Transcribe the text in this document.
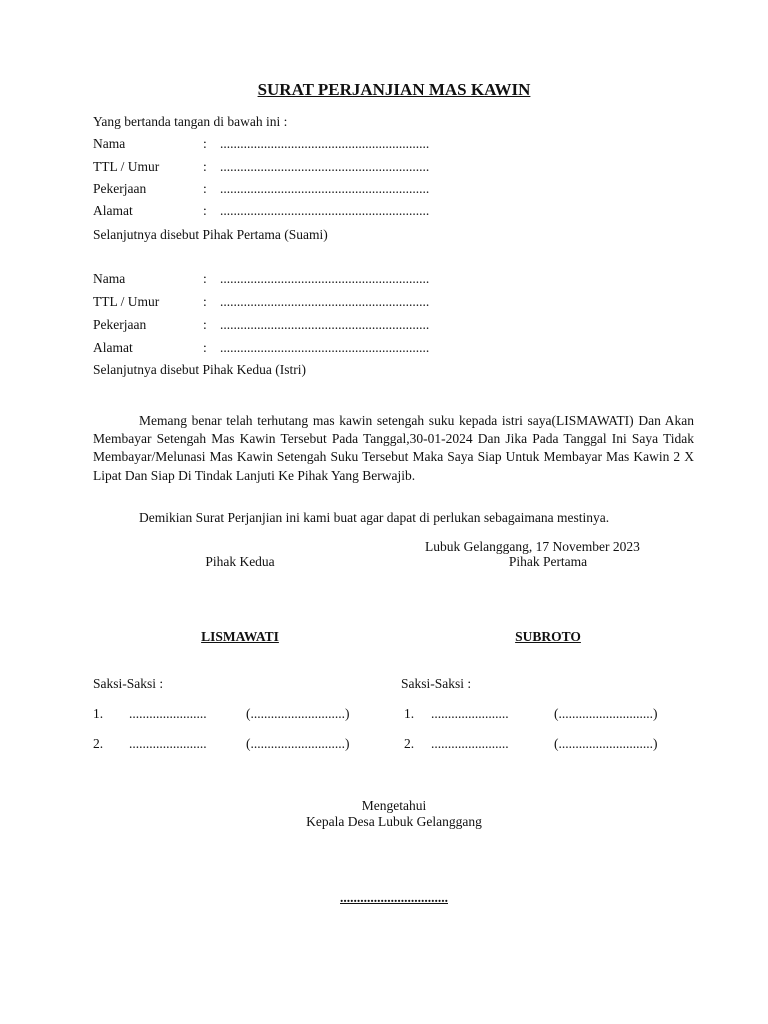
SURAT PERJANJIAN MAS KAWIN
Yang bertanda tangan di bawah ini :
Nama	: ..............................................................
TTL / Umur	: ..............................................................
Pekerjaan	: ..............................................................
Alamat	: ..............................................................
Selanjutnya disebut Pihak Pertama (Suami)
Nama	: ..............................................................
TTL / Umur	: ..............................................................
Pekerjaan	: ..............................................................
Alamat	: ..............................................................
Selanjutnya disebut Pihak Kedua (Istri)
Memang benar telah terhutang mas kawin setengah suku kepada istri saya(LISMAWATI) Dan Akan Membayar Setengah Mas Kawin Tersebut Pada Tanggal,30-01-2024 Dan Jika Pada Tanggal Ini Saya Tidak Membayar/Melunasi Mas Kawin Setengah Suku Tersebut Maka Saya Siap Untuk Membayar Mas Kawin 2 X Lipat Dan Siap Di Tindak Lanjuti Ke Pihak Yang Berwajib.
Demikian Surat Perjanjian ini kami buat agar dapat di perlukan sebagaimana mestinya.
Lubuk Gelanggang, 17 November 2023
Pihak Kedua	Pihak Pertama
LISMAWATI	SUBROTO
Saksi-Saksi :
1. .......................	(............................)
2. .......................	(............................)
Saksi-Saksi :
1. .......................	(............................)
2. .......................	(............................)
Mengetahui
Kepala Desa Lubuk Gelanggang
................................
